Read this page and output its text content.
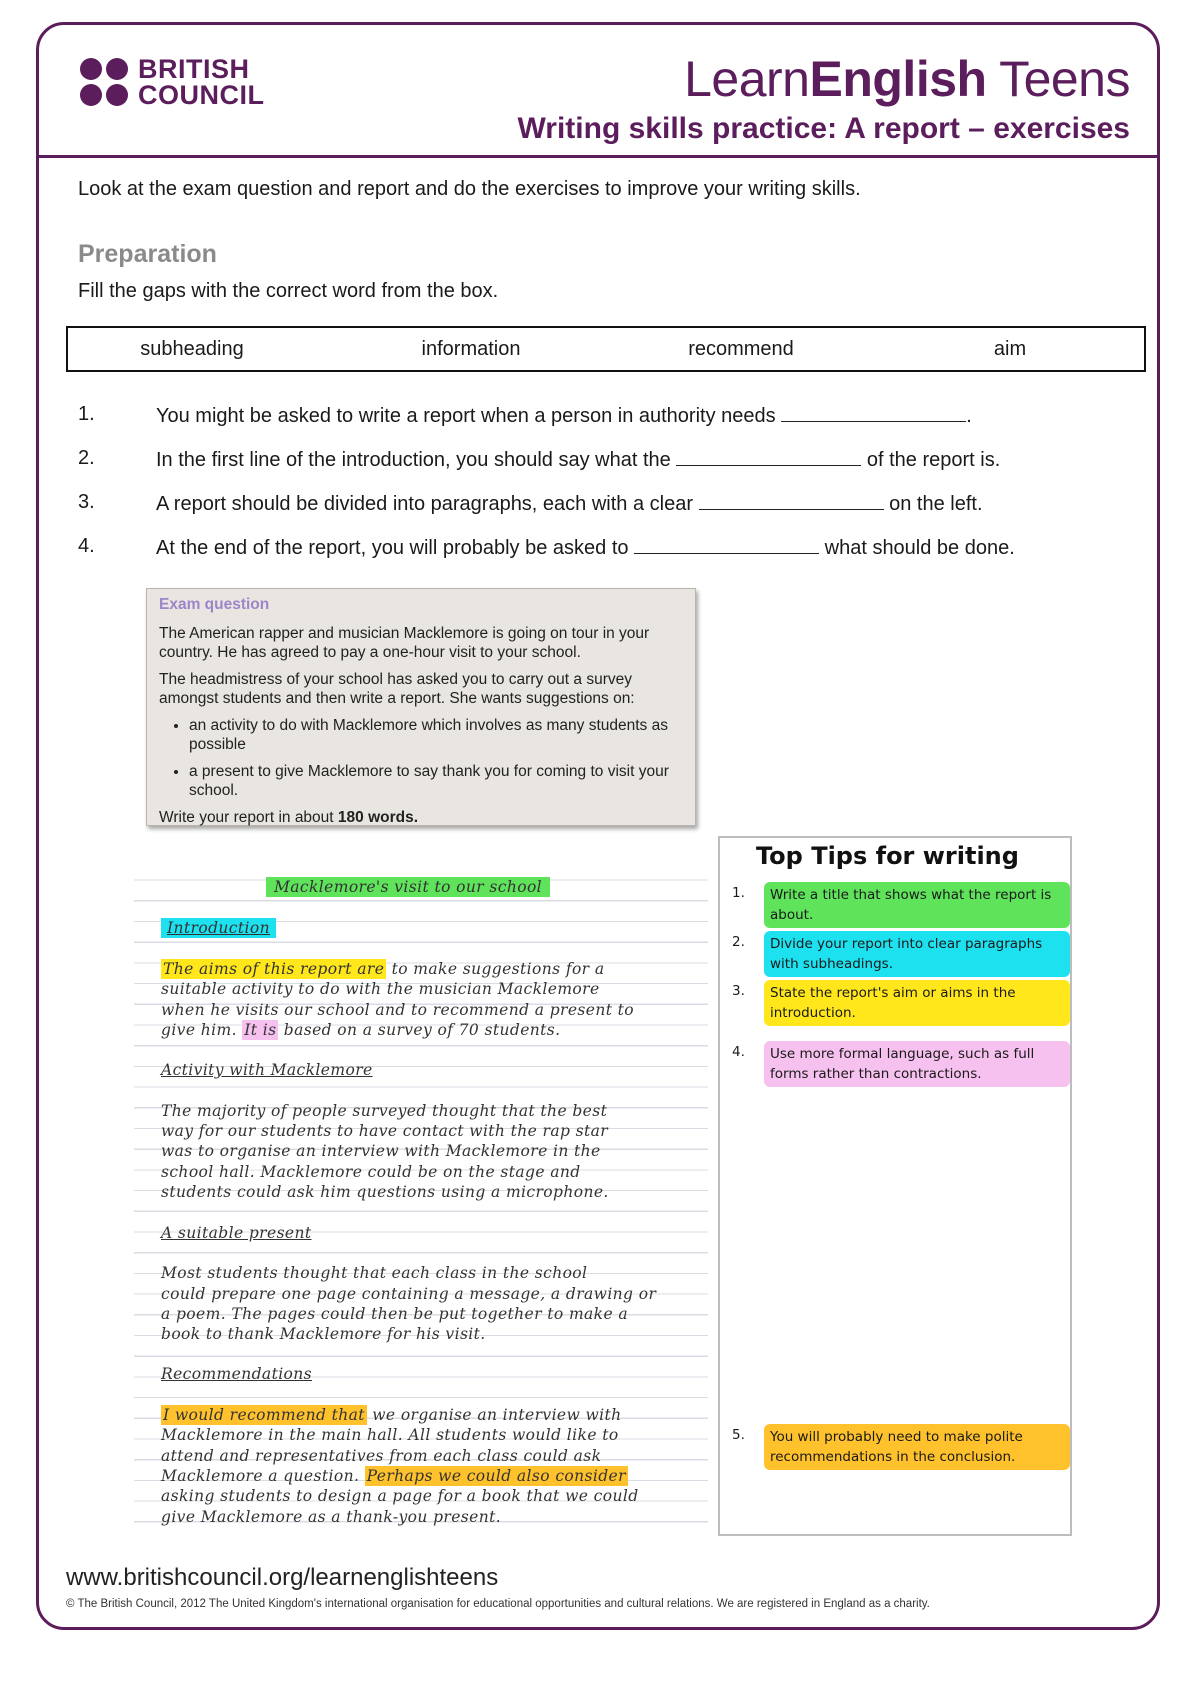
BRITISH
COUNCIL	LearnEnglish Teens
Writing skills practice: A report – exercises
Look at the exam question and report and do the exercises to improve your writing skills.
Preparation
Fill the gaps with the correct word from the box.
subheading	information	recommend	aim
1.	You might be asked to write a report when a person in authority needs	.
2.	In the first line of the introduction, you should say what the	of the report is.
3.	A report should be divided into paragraphs, each with a clear	on the left.
4.	At the end of the report, you will probably be asked to	what should be done.
Exam question

The American rapper and musician Macklemore is going on tour in your country. He has agreed to pay a one-hour visit to your school.

The headmistress of your school has asked you to carry out a survey amongst students and then write a report. She wants suggestions on:

• an activity to do with Macklemore which involves as many students as possible
• a present to give Macklemore to say thank you for coming to visit your school.
Write your report in about 180 words.
Macklemore's visit to our school
Introduction
The aims of this report are to make suggestions for a
suitable activity to do with the musician Macklemore
when he visits our school and to recommend a present to
give him. It is based on a survey of 70 students.
Activity with Macklemore
The majority of people surveyed thought that the best
way for our students to have contact with the rap star
was to organise an interview with Macklemore in the
school hall. Macklemore could be on the stage and
students could ask him questions using a microphone.
A suitable present
Most students thought that each class in the school
could prepare one page containing a message, a drawing or
a poem. The pages could then be put together to make a
book to thank Macklemore for his visit.
Recommendations
I would recommend that we organise an interview with
Macklemore in the main hall. All students would like to
attend and representatives from each class could ask
Macklemore a question. Perhaps we could also consider
asking students to design a page for a book that we could
give Macklemore as a thank-you present.
Top Tips for writing
1.	Write a title that shows what the report is about.
2.	Divide your report into clear paragraphs with subheadings.
3.	State the report's aim or aims in the introduction.
4.	Use more formal language, such as full forms rather than contractions.
5.	You will probably need to make polite recommendations in the conclusion.
www.britishcouncil.org/learnenglishteens
© The British Council, 2012 The United Kingdom's international organisation for educational opportunities and cultural relations. We are registered in England as a charity.
